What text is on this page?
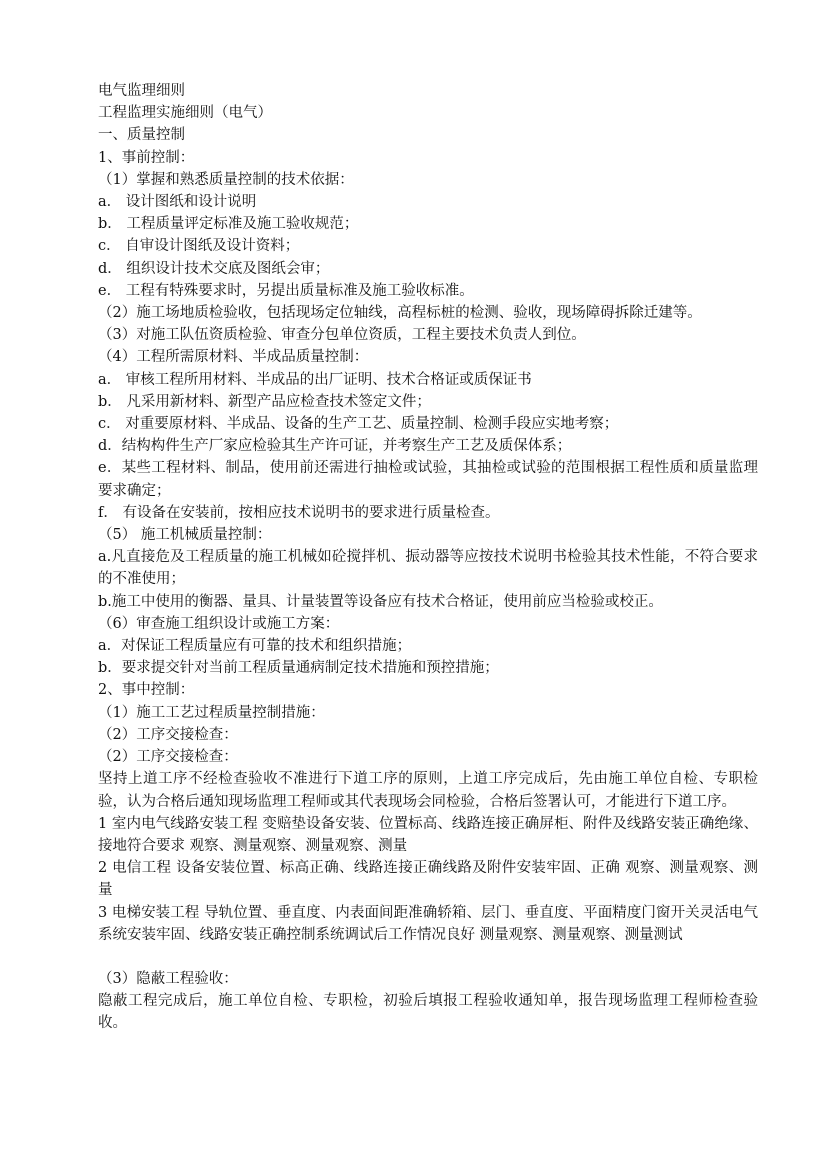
电气监理细则

工程监理实施细则（电气）

一、质量控制

1、事前控制：

（1）掌握和熟悉质量控制的技术依据：

a． 设计图纸和设计说明

b． 工程质量评定标准及施工验收规范；

c． 自审设计图纸及设计资料；

d． 组织设计技术交底及图纸会审；

e． 工程有特殊要求时，另提出质量标准及施工验收标准。

（2）施工场地质检验收，包括现场定位轴线，高程标桩的检测、验收，现场障碍拆除迁建等。

（3）对施工队伍资质检验、审查分包单位资质，工程主要技术负责人到位。

（4）工程所需原材料、半成品质量控制：

a． 审核工程所用材料、半成品的出厂证明、技术合格证或质保证书

b． 凡采用新材料、新型产品应检查技术签定文件；

c． 对重要原材料、半成品、设备的生产工艺、质量控制、检测手段应实地考察；

d．结构构件生产厂家应检验其生产许可证，并考察生产工艺及质保体系；

e．某些工程材料、制品，使用前还需进行抽检或试验，其抽检或试验的范围根据工程性质和质量监理要求确定；

f． 有设备在安装前，按相应技术说明书的要求进行质量检查。

（5） 施工机械质量控制：

a.凡直接危及工程质量的施工机械如砼搅拌机、振动器等应按技术说明书检验其技术性能，不符合要求的不准使用；

b.施工中使用的衡器、量具、计量装置等设备应有技术合格证，使用前应当检验或校正。

（6）审查施工组织设计或施工方案：

a．对保证工程质量应有可靠的技术和组织措施；

b．要求提交针对当前工程质量通病制定技术措施和预控措施；

2、事中控制：

（1）施工工艺过程质量控制措施：

（2）工序交接检查：

（2）工序交接检查：

坚持上道工序不经检查验收不准进行下道工序的原则，上道工序完成后，先由施工单位自检、专职检验，认为合格后通知现场监理工程师或其代表现场会同检验，合格后签署认可，才能进行下道工序。

1 室内电气线路安装工程 变赔垫设备安装、位置标高、线路连接正确屏柜、附件及线路安装正确绝缘、接地符合要求 观察、测量观察、测量观察、测量

2 电信工程 设备安装位置、标高正确、线路连接正确线路及附件安装牢固、正确 观察、测量观察、测量

3 电梯安装工程 导轨位置、垂直度、内表面间距准确轿箱、层门、垂直度、平面精度门窗开关灵活电气系统安装牢固、线路安装正确控制系统调试后工作情况良好 测量观察、测量观察、测量测试

（3）隐蔽工程验收：

隐蔽工程完成后，施工单位自检、专职检，初验后填报工程验收通知单，报告现场监理工程师检查验收。
